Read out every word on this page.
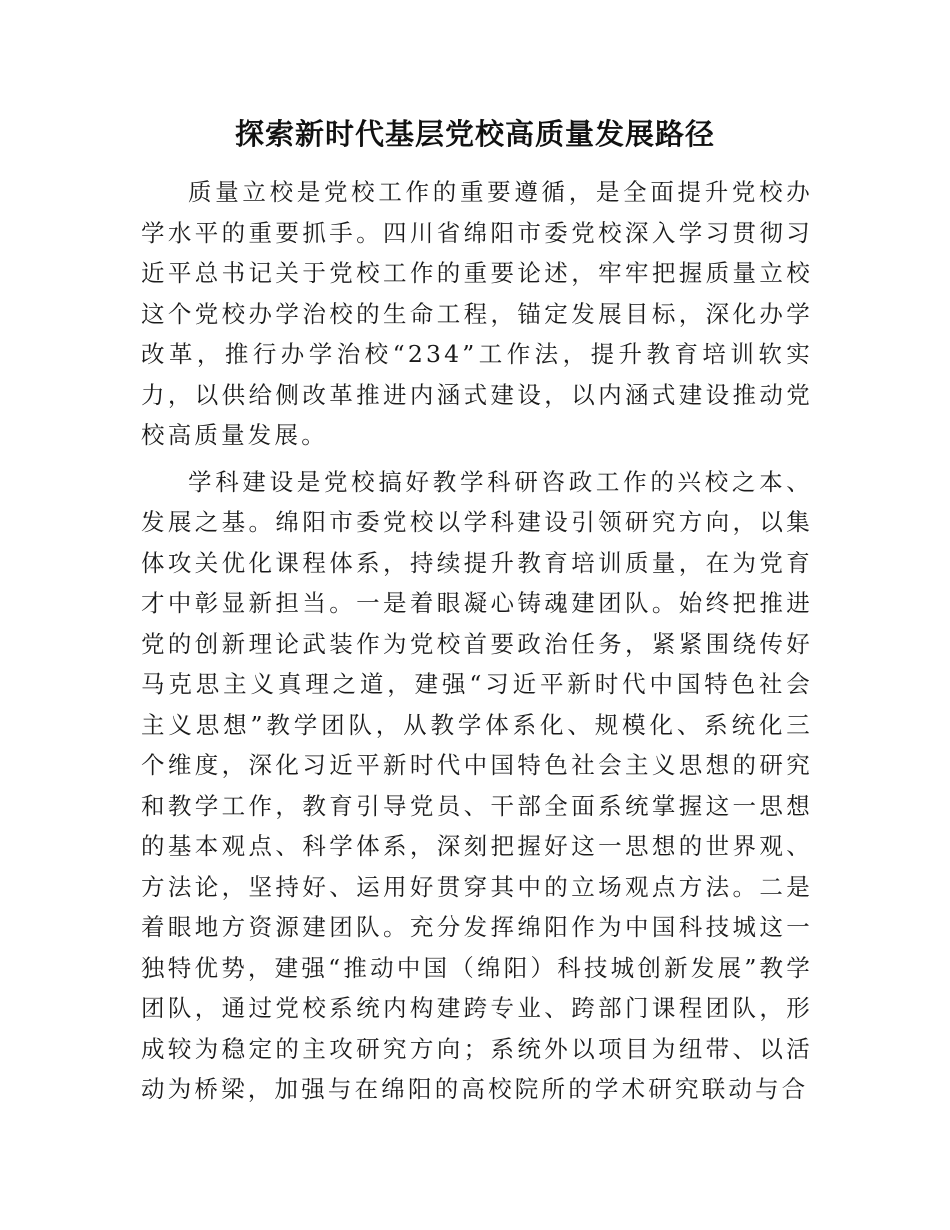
探索新时代基层党校高质量发展路径

质量立校是党校工作的重要遵循，是全面提升党校办学水平的重要抓手。四川省绵阳市委党校深入学习贯彻习近平总书记关于党校工作的重要论述，牢牢把握质量立校这个党校办学治校的生命工程，锚定发展目标，深化办学改革，推行办学治校“234”工作法，提升教育培训软实力，以供给侧改革推进内涵式建设，以内涵式建设推动党校高质量发展。

学科建设是党校搞好教学科研咨政工作的兴校之本、发展之基。绵阳市委党校以学科建设引领研究方向，以集体攻关优化课程体系，持续提升教育培训质量，在为党育才中彰显新担当。一是着眼凝心铸魂建团队。始终把推进党的创新理论武装作为党校首要政治任务，紧紧围绕传好马克思主义真理之道，建强“习近平新时代中国特色社会主义思想”教学团队，从教学体系化、规模化、系统化三个维度，深化习近平新时代中国特色社会主义思想的研究和教学工作，教育引导党员、干部全面系统掌握这一思想的基本观点、科学体系，深刻把握好这一思想的世界观、方法论，坚持好、运用好贯穿其中的立场观点方法。二是着眼地方资源建团队。充分发挥绵阳作为中国科技城这一独特优势，建强“推动中国（绵阳）科技城创新发展”教学团队，通过党校系统内构建跨专业、跨部门课程团队，形成较为稳定的主攻研究方向；系统外以项目为纽带、以活动为桥梁，加强与在绵阳的高校院所的学术研究联动与合
